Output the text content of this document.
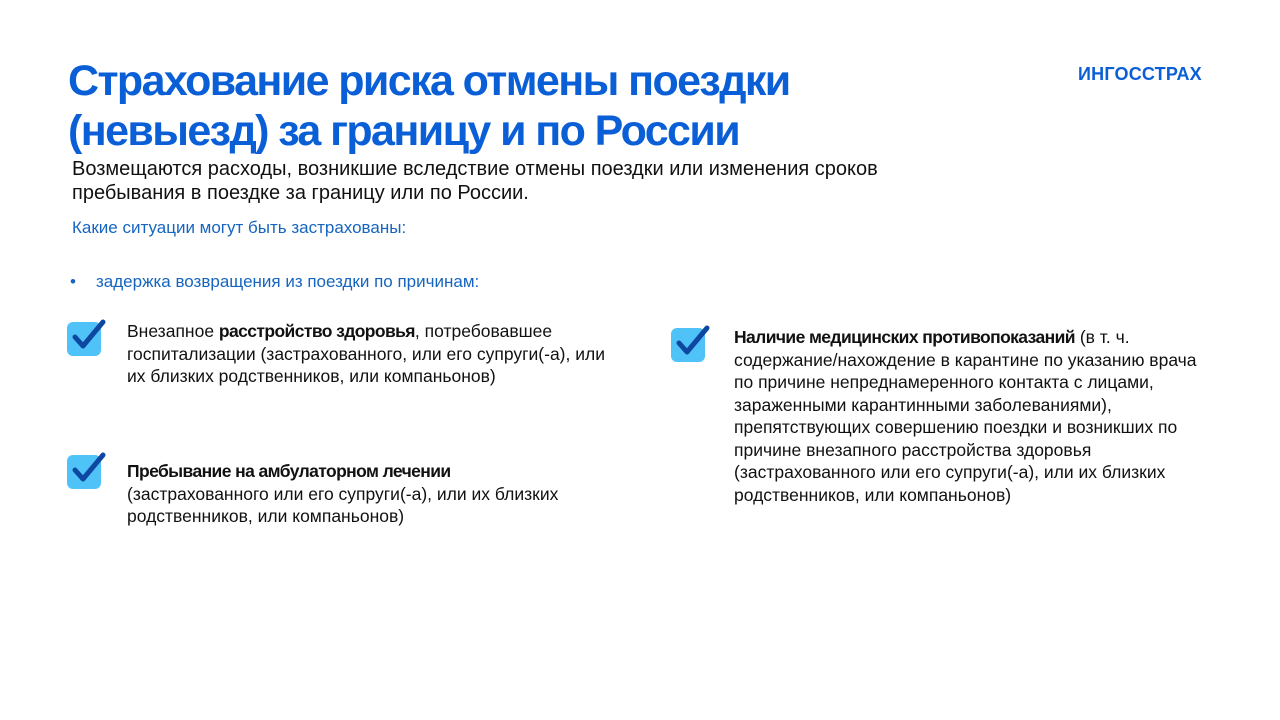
Страхование риска отмены поездки
(невыезд) за границу и по России
ИНГОССТРАХ

Возмещаются расходы, возникшие вследствие отмены поездки или изменения сроков пребывания в поездке за границу или по России.

Какие ситуации могут быть застрахованы:

•	задержка возвращения из поездки по причинам:

Внезапное расстройство здоровья, потребовавшее госпитализации (застрахованного, или его супруги(-а), или их близких родственников, или компаньонов)

Пребывание на амбулаторном лечении
(застрахованного или его супруги(-а), или их близких родственников, или компаньонов)

Наличие медицинских противопоказаний (в т. ч. содержание/нахождение в карантине по указанию врача по причине непреднамеренного контакта с лицами, зараженными карантинными заболеваниями), препятствующих совершению поездки и возникших по причине внезапного расстройства здоровья (застрахованного или его супруги(-а), или их близких родственников, или компаньонов)
